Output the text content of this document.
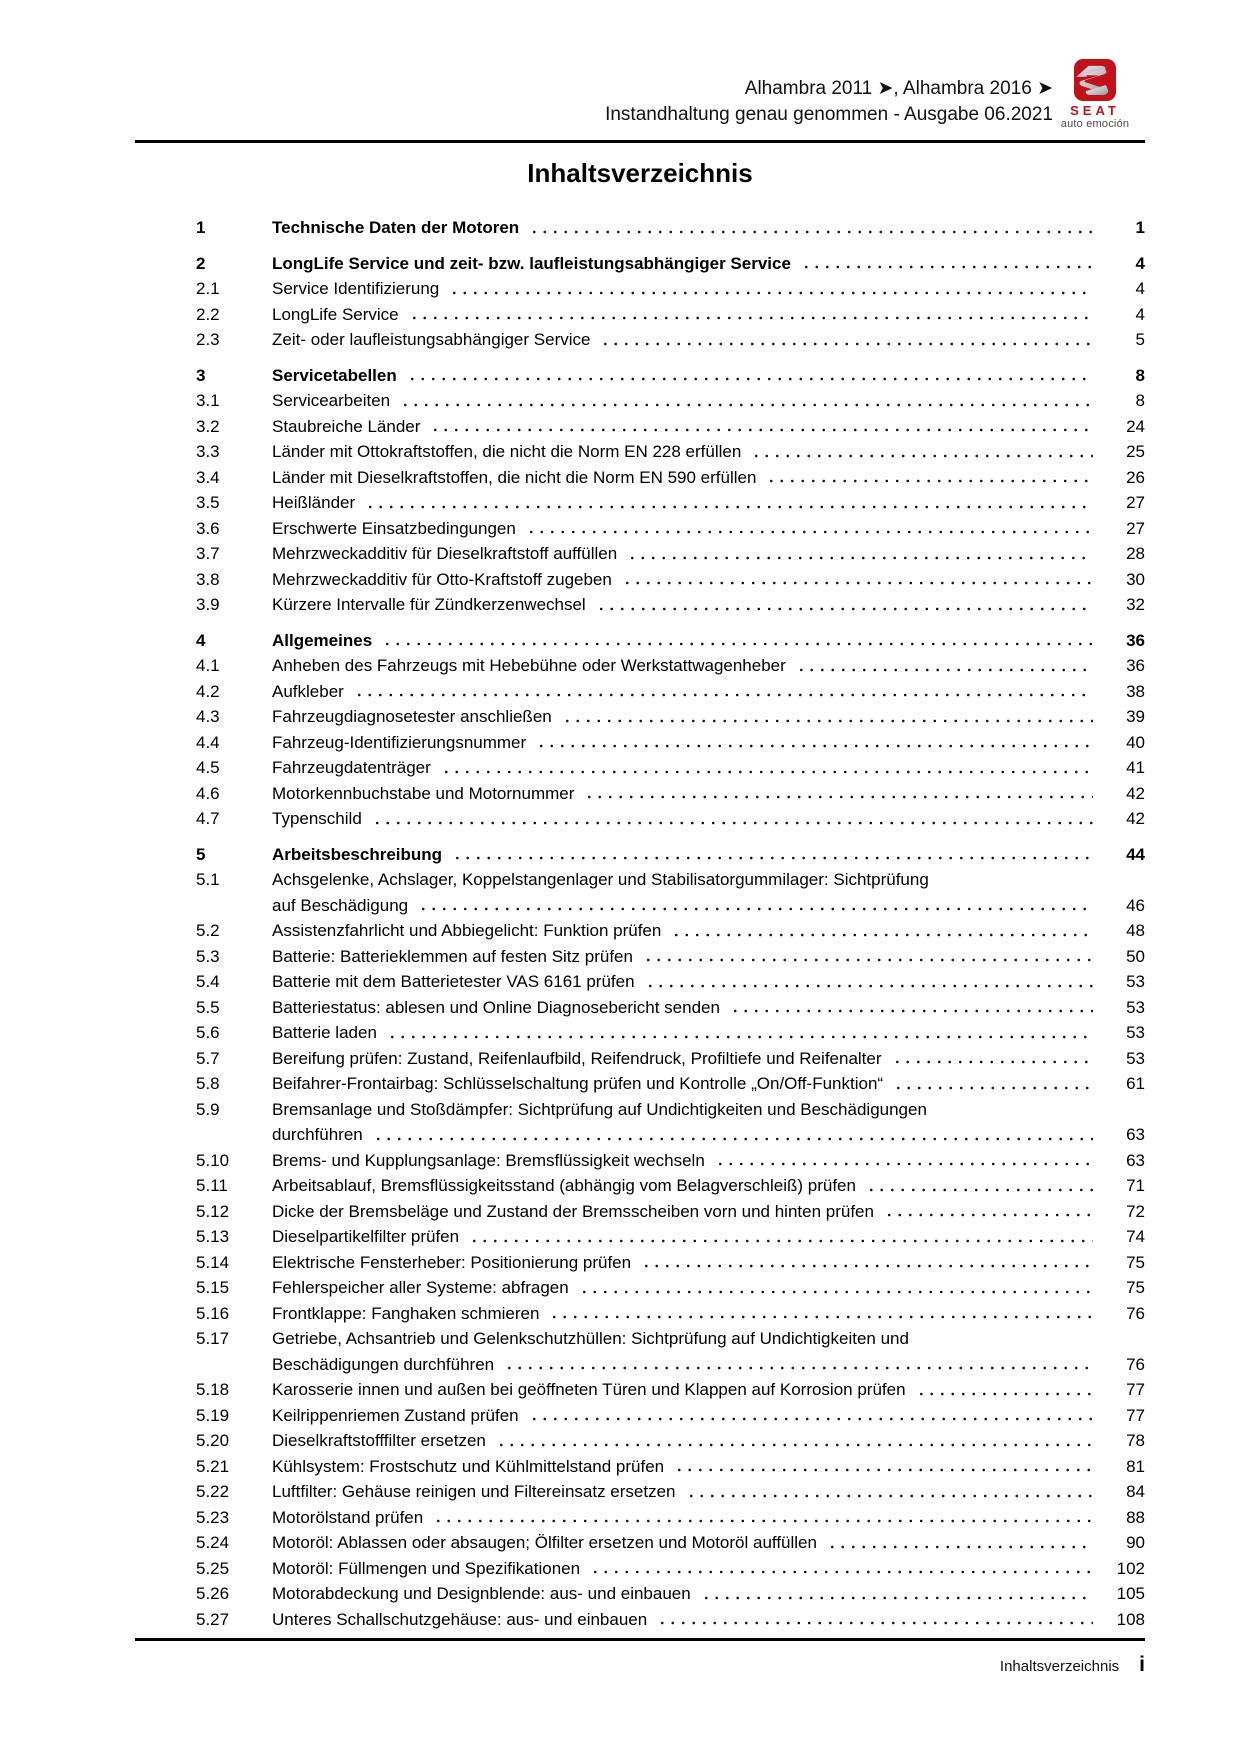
Alhambra 2011 ➤, Alhambra 2016 ➤
Instandhaltung genau genommen - Ausgabe 06.2021	SEAT
auto emoción
Inhaltsverzeichnis
1	Technische Daten der Motoren	1
2	LongLife Service und zeit- bzw. laufleistungsabhängiger Service	4
2.1	Service Identifizierung	4
2.2	LongLife Service	4
2.3	Zeit- oder laufleistungsabhängiger Service	5
3	Servicetabellen	8
3.1	Servicearbeiten	8
3.2	Staubreiche Länder	24
3.3	Länder mit Ottokraftstoffen, die nicht die Norm EN 228 erfüllen	25
3.4	Länder mit Dieselkraftstoffen, die nicht die Norm EN 590 erfüllen	26
3.5	Heißländer	27
3.6	Erschwerte Einsatzbedingungen	27
3.7	Mehrzweckadditiv für Dieselkraftstoff auffüllen	28
3.8	Mehrzweckadditiv für Otto-Kraftstoff zugeben	30
3.9	Kürzere Intervalle für Zündkerzenwechsel	32
4	Allgemeines	36
4.1	Anheben des Fahrzeugs mit Hebebühne oder Werkstattwagenheber	36
4.2	Aufkleber	38
4.3	Fahrzeugdiagnosetester anschließen	39
4.4	Fahrzeug-Identifizierungsnummer	40
4.5	Fahrzeugdatenträger	41
4.6	Motorkennbuchstabe und Motornummer	42
4.7	Typenschild	42
5	Arbeitsbeschreibung	44
5.1	Achsgelenke, Achslager, Koppelstangenlager und Stabilisatorgummilager: Sichtprüfung
auf Beschädigung	46
5.2	Assistenzfahrlicht und Abbiegelicht: Funktion prüfen	48
5.3	Batterie: Batterieklemmen auf festen Sitz prüfen	50
5.4	Batterie mit dem Batterietester VAS 6161 prüfen	53
5.5	Batteriestatus: ablesen und Online Diagnosebericht senden	53
5.6	Batterie laden	53
5.7	Bereifung prüfen: Zustand, Reifenlaufbild, Reifendruck, Profiltiefe und Reifenalter	53
5.8	Beifahrer-Frontairbag: Schlüsselschaltung prüfen und Kontrolle „On/Off-Funktion“	61
5.9	Bremsanlage und Stoßdämpfer: Sichtprüfung auf Undichtigkeiten und Beschädigungen
durchführen	63
5.10	Brems- und Kupplungsanlage: Bremsflüssigkeit wechseln	63
5.11	Arbeitsablauf, Bremsflüssigkeitsstand (abhängig vom Belagverschleiß) prüfen	71
5.12	Dicke der Bremsbeläge und Zustand der Bremsscheiben vorn und hinten prüfen	72
5.13	Dieselpartikelfilter prüfen	74
5.14	Elektrische Fensterheber: Positionierung prüfen	75
5.15	Fehlerspeicher aller Systeme: abfragen	75
5.16	Frontklappe: Fanghaken schmieren	76
5.17	Getriebe, Achsantrieb und Gelenkschutzhüllen: Sichtprüfung auf Undichtigkeiten und
Beschädigungen durchführen	76
5.18	Karosserie innen und außen bei geöffneten Türen und Klappen auf Korrosion prüfen	77
5.19	Keilrippenriemen Zustand prüfen	77
5.20	Dieselkraftstofffilter ersetzen	78
5.21	Kühlsystem: Frostschutz und Kühlmittelstand prüfen	81
5.22	Luftfilter: Gehäuse reinigen und Filtereinsatz ersetzen	84
5.23	Motorölstand prüfen	88
5.24	Motoröl: Ablassen oder absaugen; Ölfilter ersetzen und Motoröl auffüllen	90
5.25	Motoröl: Füllmengen und Spezifikationen	102
5.26	Motorabdeckung und Designblende: aus- und einbauen	105
5.27	Unteres Schallschutzgehäuse: aus- und einbauen	108
Inhaltsverzeichnis i
